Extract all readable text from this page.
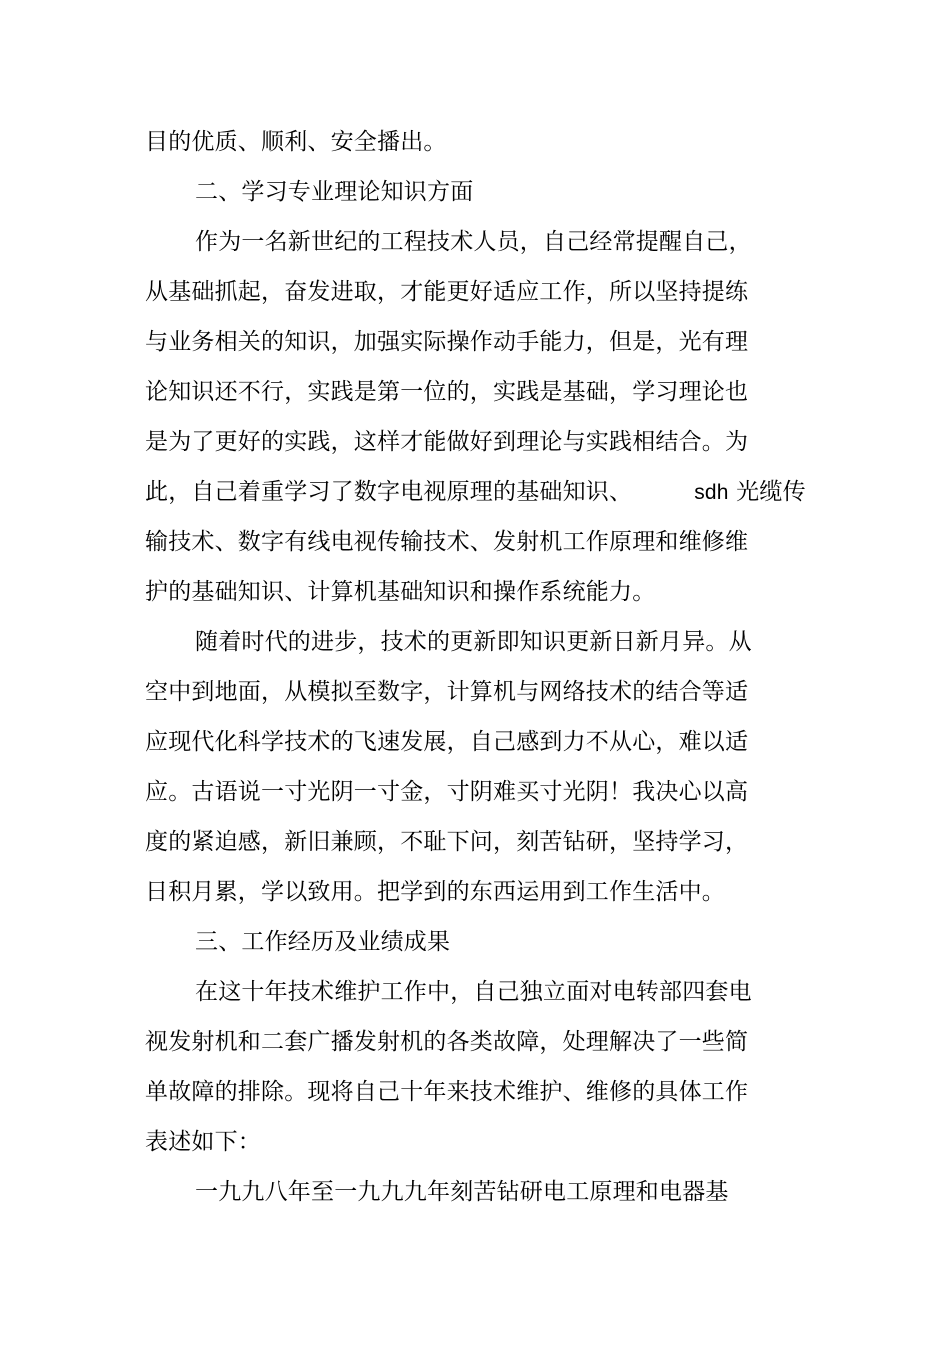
目的优质、顺利、安全播出。
二、学习专业理论知识方面
作为一名新世纪的工程技术人员，自己经常提醒自己，
从基础抓起，奋发进取，才能更好适应工作，所以坚持提练
与业务相关的知识，加强实际操作动手能力，但是，光有理
论知识还不行，实践是第一位的，实践是基础，学习理论也
是为了更好的实践，这样才能做好到理论与实践相结合。为
此，自己着重学习了数字电视原理的基础知识、	sdh 光缆传
输技术、数字有线电视传输技术、发射机工作原理和维修维
护的基础知识、计算机基础知识和操作系统能力。
随着时代的进步，技术的更新即知识更新日新月异。从
空中到地面，从模拟至数字，计算机与网络技术的结合等适
应现代化科学技术的飞速发展，自己感到力不从心，难以适
应。古语说一寸光阴一寸金，寸阴难买寸光阴！我决心以高
度的紧迫感，新旧兼顾，不耻下问，刻苦钻研，坚持学习，
日积月累，学以致用。把学到的东西运用到工作生活中。
三、工作经历及业绩成果
在这十年技术维护工作中，自己独立面对电转部四套电
视发射机和二套广播发射机的各类故障，处理解决了一些简
单故障的排除。现将自己十年来技术维护、维修的具体工作
表述如下：
一九九八年至一九九九年刻苦钻研电工原理和电器基
